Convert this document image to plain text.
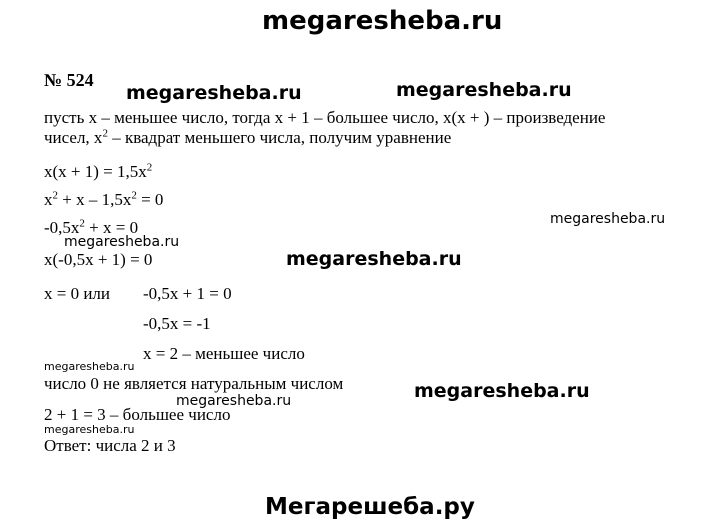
megaresheba.ru
№ 524
megaresheba.ru	megaresheba.ru
пусть x – меньшее число, тогда x + 1 – большее число, x(x + ) – произведение
чисел, $x^2$ – квадрат меньшего числа, получим уравнение
$x(x + 1) = 1,5x^2$
$x^2 + x - 1,5x^2 = 0$
$-0,5x^2 + x = 0$	megaresheba.ru
megaresheba.ru
x(-0,5x + 1) = 0	megaresheba.ru
x = 0 или -0,5x + 1 = 0
-0,5x = -1
x = 2 – меньшее число
megaresheba.ru
число 0 не является натуральным числом	megaresheba.ru
megaresheba.ru
2 + 1 = 3 – большее число
megaresheba.ru
Ответ: числа 2 и 3
Мегарешеба.ру
